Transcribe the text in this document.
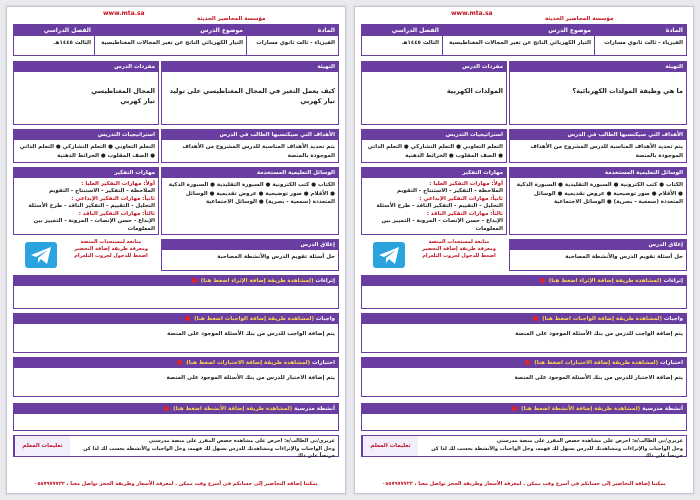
www.mta.sa
مؤسسة المحاضير الحديثة
المادة
الفيزياء - ثالث ثانوي مسارات
موضوع الدرس
التيار الكهربائي الناتج عن تغير المجالات المغناطيسية
الفصل الدراسي
الثالث ١٤٤٥هـ
التهيئة
كيف يعمل التغير في المجال المغناطيسي على توليد تيار كهربي
مفردات الدرس
المجال المغناطيسي
تيار كهربي
الأهداف التي سيكتسبها الطالب في الدرس
يتم تحديد الأهداف المناسبة للدرس المشروح من الأهداف الموجودة بالمنصة
استراتيجيات التدريس
التعلم التعاوني ● التعلم التشاركي ● التعلم الذاتي ● الصف المقلوب ● الخرائط الذهنية
الوسائل التعليمية المستخدمة
الكتاب ● كتب الكترونية ● السبورة التقليدية ● السبورة الذكية ● الأقلام ● صور توضيحية ● عروض تقديمية ● الوسائل المتعددة (سمعية - بصرية) ● الوسائل الاجتماعية
مهارات التفكير
أولاً: مهارات التفكير العليا :
الملاحظة - التفكير - الاستنتاج - التقويم
ثانياً: مهارات التفكير الإبداعي :
التحليل - التقييم - التفكير الناقد - طرح الأسئلة
ثالثاً: مهارات التفكير الناقد :
الإبداع - حسن الإنصات - المرونة - التمييز بين المعلومات
إغلاق الدرس
حل أسئلة تقويم الدرس والأنشطة المصاحبة
متابعة لمستجدات المنصة
ومعرفة طريقة إضافة التحضير
اضغط للدخول لجروب التلغرام
إثراءات (لمشاهدة طريقة إضافة الإثراء اضغط هنا)
واجبات (لمشاهدة طريقة إضافة الواجبات اضغط هنا)
يتم إضافة الواجب للدرس من بنك الأسئلة الموجود على المنصة
اختبارات (لمشاهدة طريقة إضافة الاختبارات اضغط هنا)
يتم إضافة الاختبار للدرس من بنك الأسئلة الموجود على المنصة
أنشطة مدرسية (لمشاهدة طريقة إضافة الأنشطة اضغط هنا)
عزيزي/تي الطالب/ة: احرص على مشاهدة حصص المقرر على منصة مدرستي
وحل الواجبات والإثراءات ومشاهدتك للدرس يسهل لك فهمه، وحل الواجبات والأنشطة يحسب لك لذا كن حريصاً على ذلك
تعليمات المعلم
يمكننا إضافة التحاضير إلى حسابكم في أسرع وقت ممكن . لمعرفة الأسعار وطريقة الحجز تواصل معنا ، ٠٥٥٧٩٧٧٧٢٢
www.mta.sa
مؤسسة المحاضير الحديثة
المادة
الفيزياء - ثالث ثانوي مسارات
موضوع الدرس
التيار الكهربائي الناتج عن تغير المجالات المغناطيسية
الفصل الدراسي
الثالث ١٤٤٥هـ
التهيئة
ما هي وظيفة المولدات الكهربائية؟
مفردات الدرس
المولدات الكهربية
الأهداف التي سيكتسبها الطالب في الدرس
يتم تحديد الأهداف المناسبة للدرس المشروح من الأهداف الموجودة بالمنصة
استراتيجيات التدريس
التعلم التعاوني ● التعلم التشاركي ● التعلم الذاتي ● الصف المقلوب ● الخرائط الذهنية
الوسائل التعليمية المستخدمة
الكتاب ● كتب الكترونية ● السبورة التقليدية ● السبورة الذكية ● الأقلام ● صور توضيحية ● عروض تقديمية ● الوسائل المتعددة (سمعية - بصرية) ● الوسائل الاجتماعية
مهارات التفكير
أولاً: مهارات التفكير العليا :
الملاحظة - التفكير - الاستنتاج - التقويم
ثانياً: مهارات التفكير الإبداعي :
التحليل - التقييم - التفكير الناقد - طرح الأسئلة
ثالثاً: مهارات التفكير الناقد :
الإبداع - حسن الإنصات - المرونة - التمييز بين المعلومات
إغلاق الدرس
حل أسئلة تقويم الدرس والأنشطة المصاحبة
متابعة لمستجدات المنصة
ومعرفة طريقة إضافة التحضير
اضغط للدخول لجروب التلغرام
إثراءات (لمشاهدة طريقة إضافة الإثراء اضغط هنا)
واجبات (لمشاهدة طريقة إضافة الواجبات اضغط هنا)
يتم إضافة الواجب للدرس من بنك الأسئلة الموجود على المنصة
اختبارات (لمشاهدة طريقة إضافة الاختبارات اضغط هنا)
يتم إضافة الاختبار للدرس من بنك الأسئلة الموجود على المنصة
أنشطة مدرسية (لمشاهدة طريقة إضافة الأنشطة اضغط هنا)
عزيزي/تي الطالب/ة: احرص على مشاهدة حصص المقرر على منصة مدرستي
وحل الواجبات والإثراءات ومشاهدتك للدرس يسهل لك فهمه، وحل الواجبات والأنشطة يحسب لك لذا كن حريصاً على ذلك
تعليمات المعلم
يمكننا إضافة التحاضير إلى حسابكم في أسرع وقت ممكن . لمعرفة الأسعار وطريقة الحجز تواصل معنا ، ٠٥٥٧٩٧٧٧٢٢
